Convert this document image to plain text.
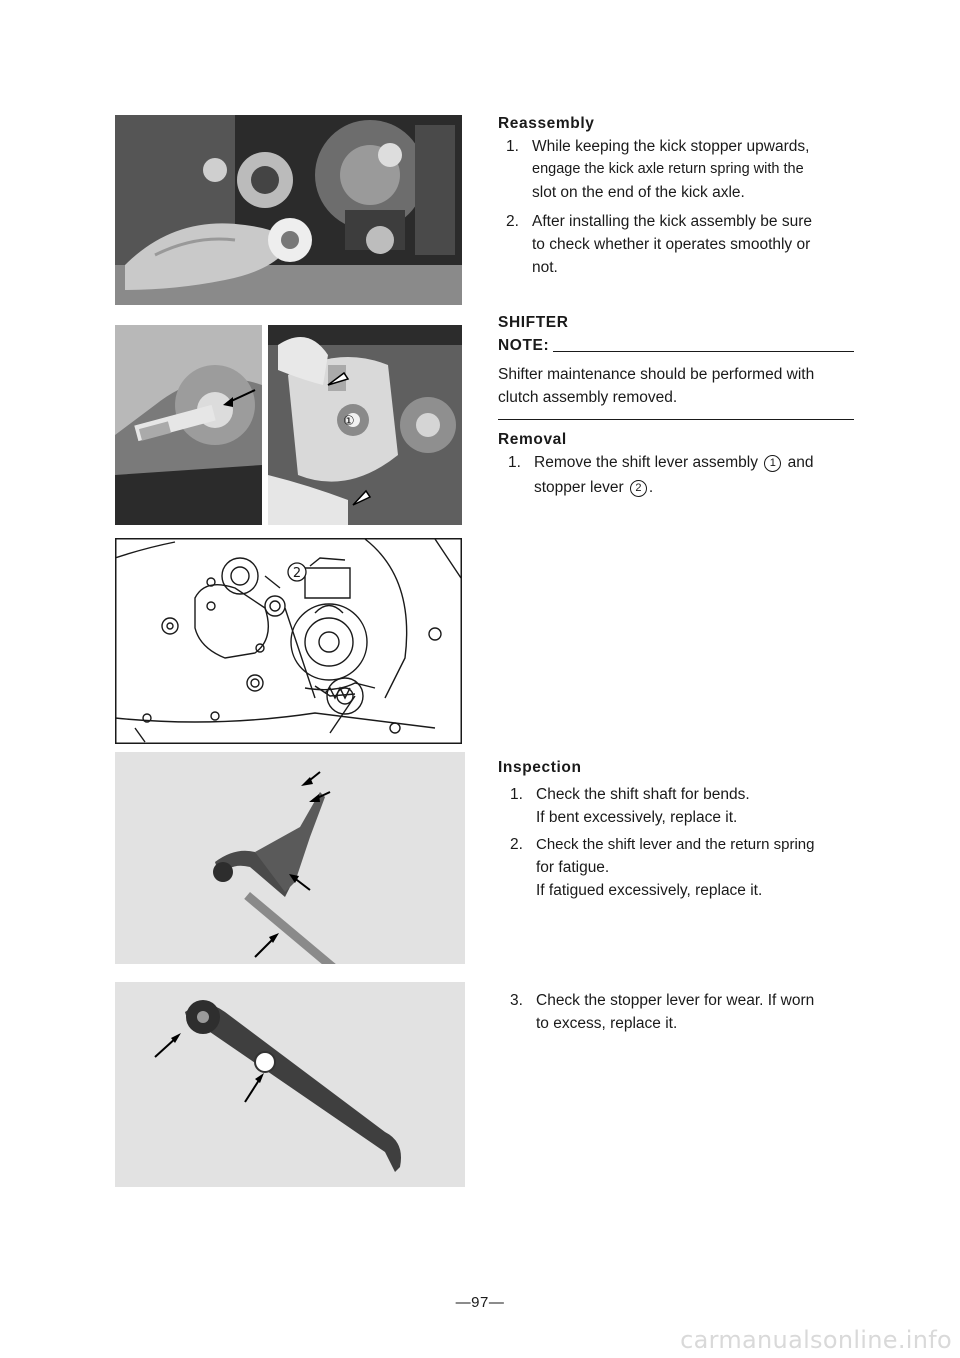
①
2
Reassembly
1. While keeping the kick stopper upwards,
engage the kick axle return spring with the
slot on the end of the kick axle.
2. After installing the kick assembly be sure
to check whether it operates smoothly or
not.
SHIFTER
NOTE:
Shifter maintenance should be performed with
clutch assembly removed.
Removal
1. Remove the shift lever assembly 1 and
stopper lever 2 .
Inspection
1. Check the shift shaft for bends.
If bent excessively, replace it.
2. Check the shift lever and the return spring
for fatigue.
If fatigued excessively, replace it.
3. Check the stopper lever for wear. If worn
to excess, replace it.
—97—
carmanualsonline.info
